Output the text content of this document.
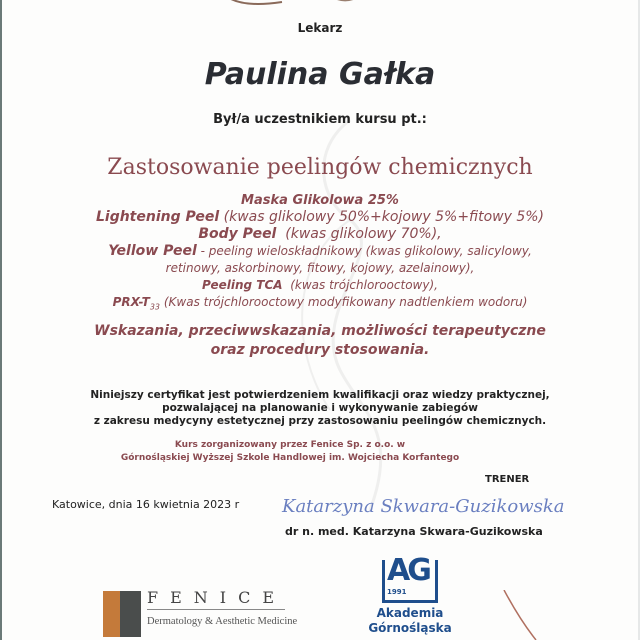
Lekarz
Paulina Gałka
Był/a uczestnikiem kursu pt.:
Zastosowanie peelingów chemicznych
Maska Glikolowa 25%
Lightening Peel (kwas glikolowy 50%+kojowy 5%+fitowy 5%)
Body Peel  (kwas glikolowy 70%),
Yellow Peel - peeling wieloskładnikowy (kwas glikolowy, salicylowy,
retinowy, askorbinowy, fitowy, kojowy, azelainowy),
Peeling TCA  (kwas trójchlorooctowy),
PRX-$T_{33}$ (Kwas trójchlorooctowy modyfikowany nadtlenkiem wodoru)
Wskazania, przeciwwskazania, możliwości terapeutyczne
oraz procedury stosowania.
Niniejszy certyfikat jest potwierdzeniem kwalifikacji oraz wiedzy praktycznej,
pozwalającej na planowanie i wykonywanie zabiegów
z zakresu medycyny estetycznej przy zastosowaniu peelingów chemicznych.
Kurs zorganizowany przez Fenice Sp. z o.o. w
Górnośląskiej Wyższej Szkole Handlowej im. Wojciecha Korfantego
TRENER
Katowice, dnia 16 kwietnia 2023 r Katarzyna Skwara-Guzikowska
dr n. med. Katarzyna Skwara-Guzikowska
FENICE
Dermatology & Aesthetic Medicine
AG
1991
Akademia
Górnośląska
